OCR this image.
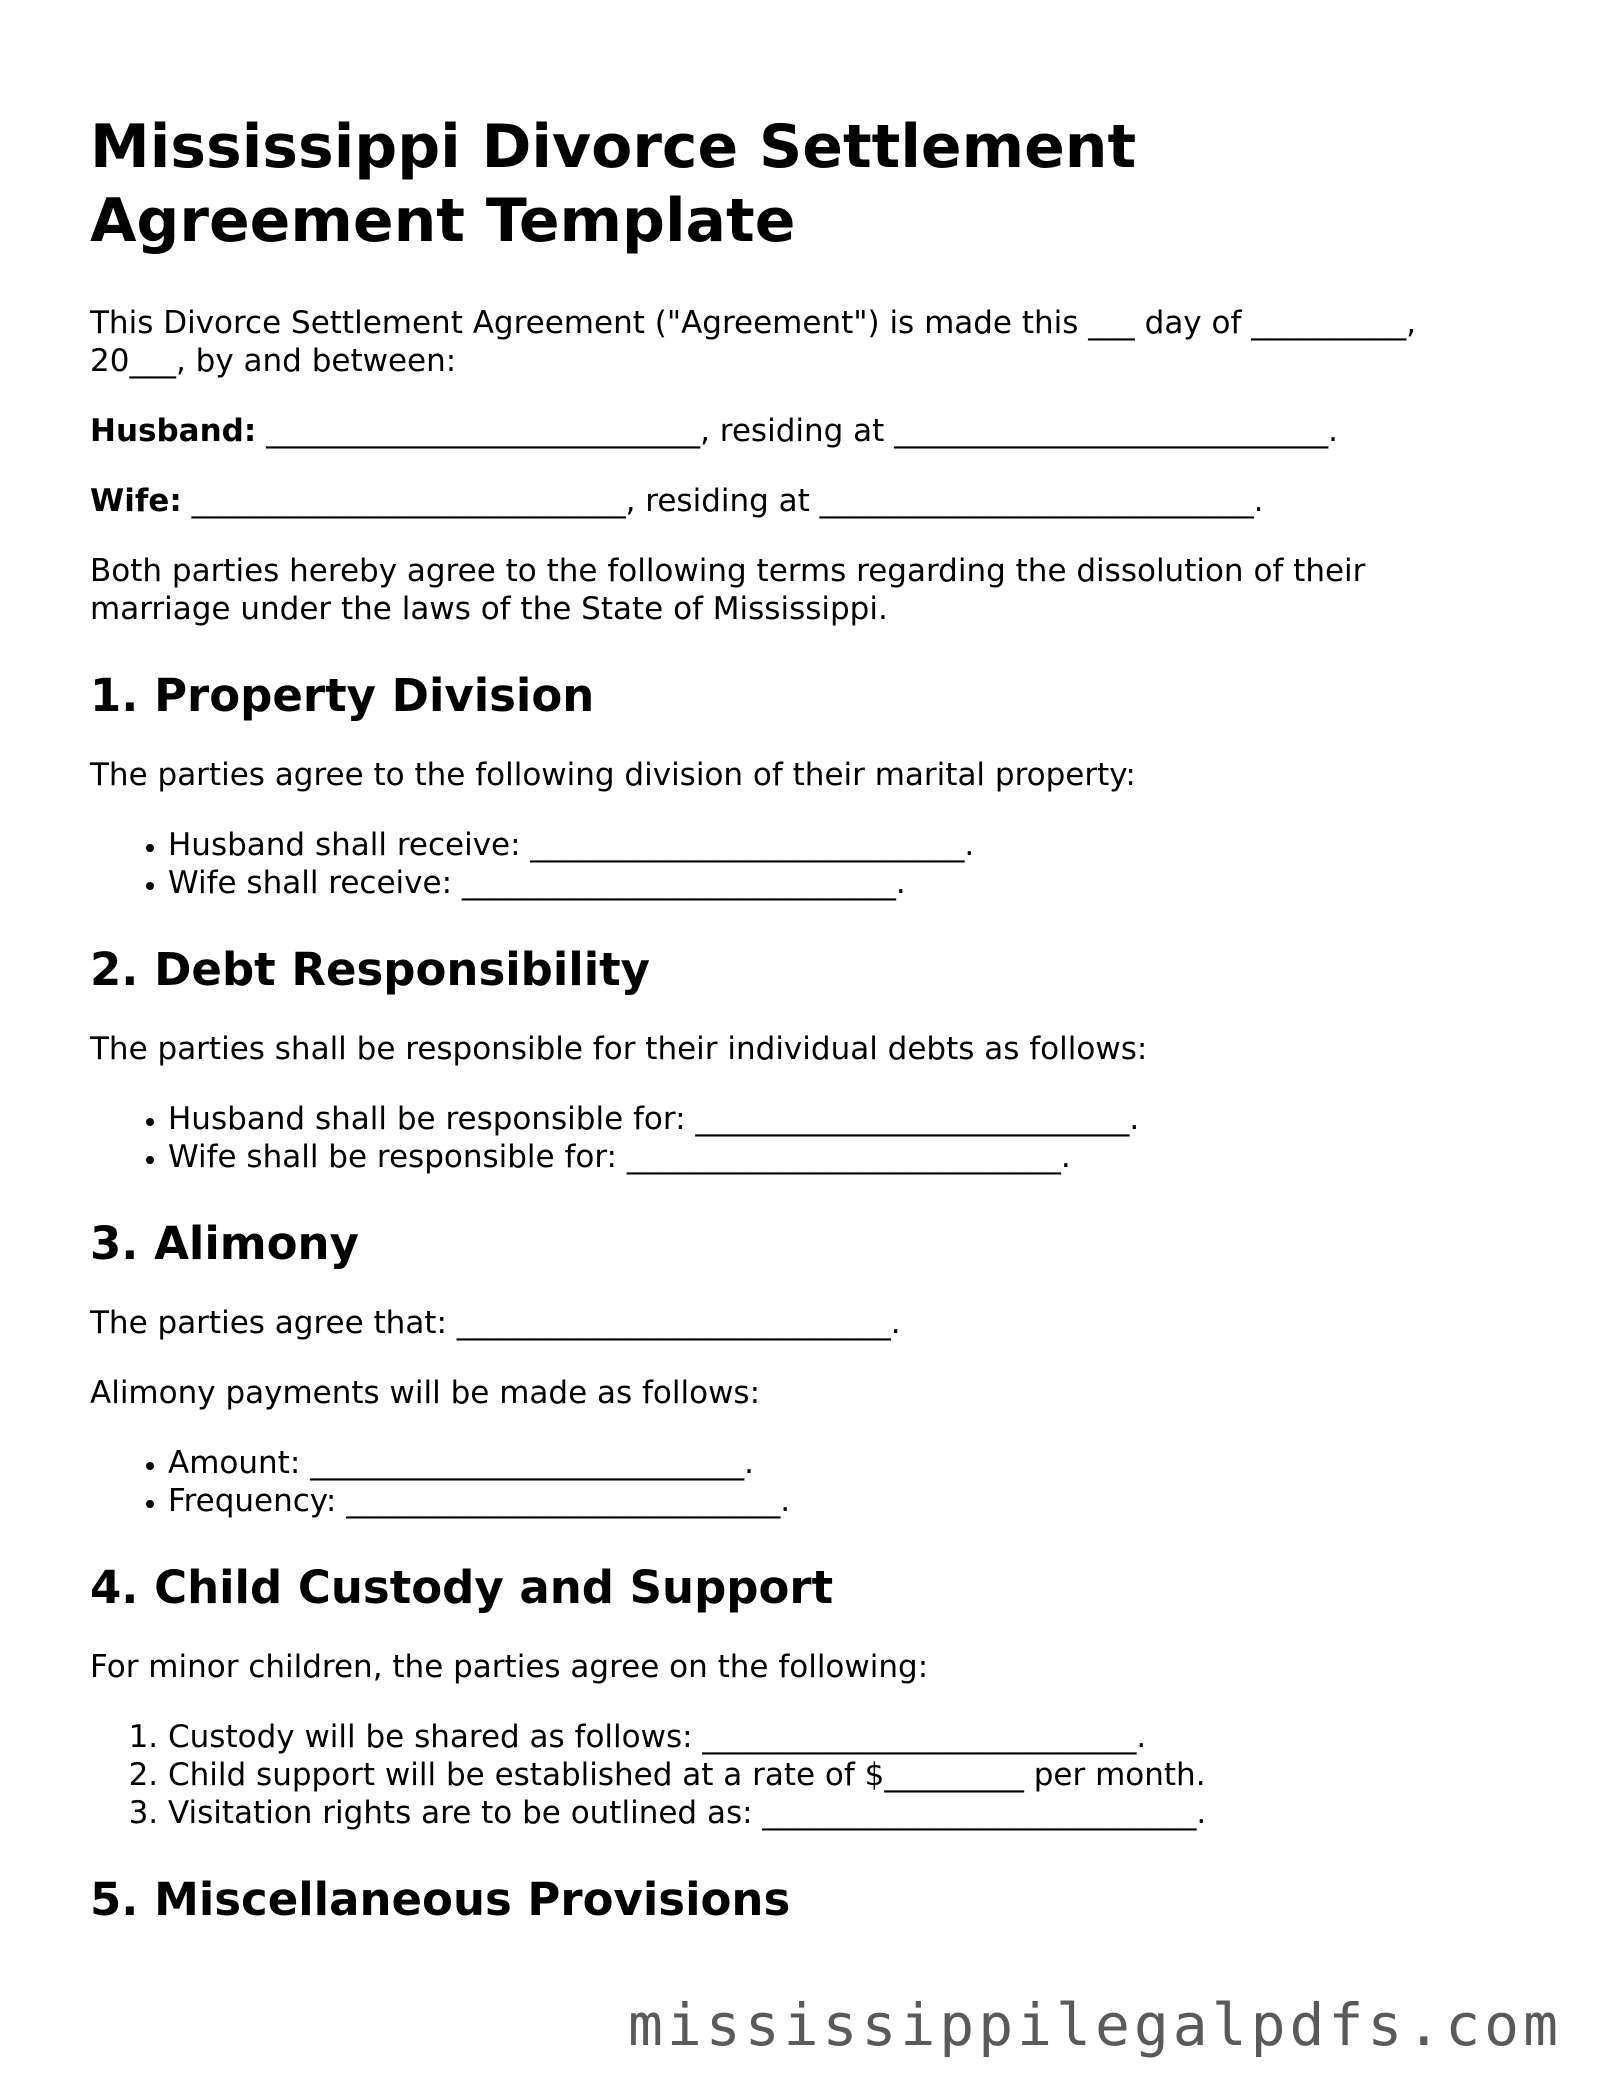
Mississippi Divorce Settlement Agreement Template

This Divorce Settlement Agreement ("Agreement") is made this ___ day of __________, 20___, by and between:

Husband: ____________________________, residing at ____________________________.

Wife: ____________________________, residing at ____________________________.

Both parties hereby agree to the following terms regarding the dissolution of their marriage under the laws of the State of Mississippi.

1. Property Division

The parties agree to the following division of their marital property:

• Husband shall receive: ____________________________.
• Wife shall receive: ____________________________.
2. Debt Responsibility

The parties shall be responsible for their individual debts as follows:

• Husband shall be responsible for: ____________________________.
• Wife shall be responsible for: ____________________________.
3. Alimony

The parties agree that: ____________________________.

Alimony payments will be made as follows:

• Amount: ____________________________.
• Frequency: ____________________________.
4. Child Custody and Support

For minor children, the parties agree on the following:

1. Custody will be shared as follows: ____________________________.
2. Child support will be established at a rate of $_________ per month.
3. Visitation rights are to be outlined as: ____________________________.
5. Miscellaneous Provisions
mississippilegalpdfs.com
